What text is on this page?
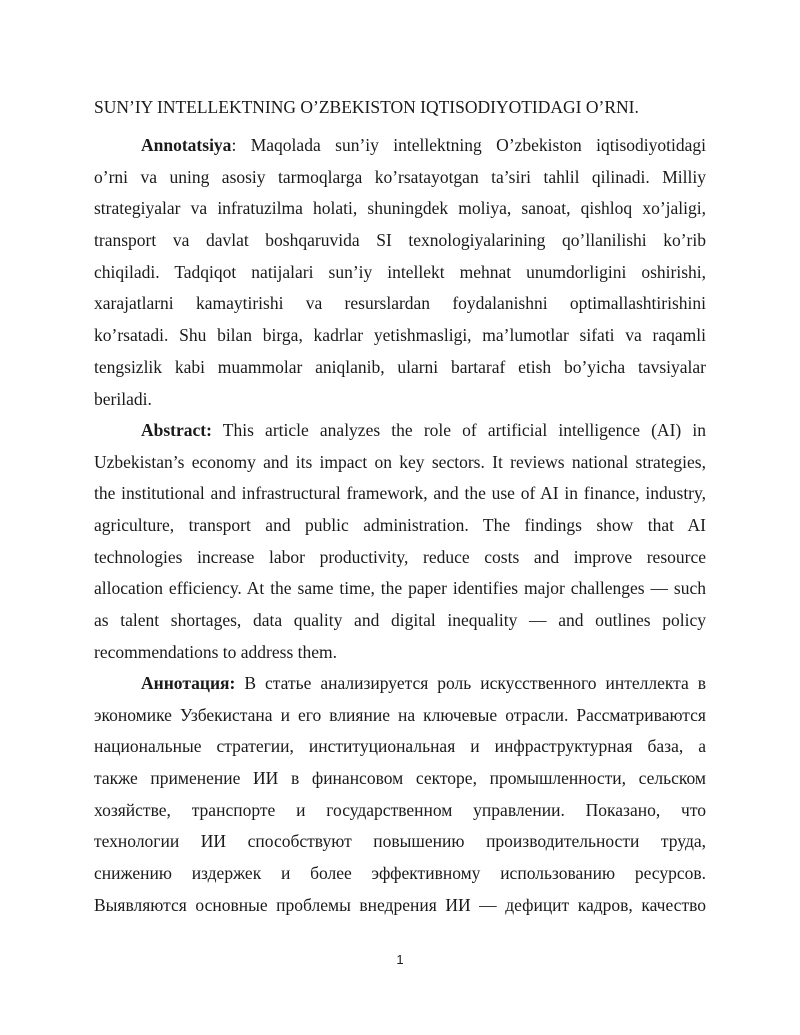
SUN’IY INTELLEKTNING O’ZBEKISTON IQTISODIYOTIDAGI O’RNI.
Annotatsiya: Maqolada sun’iy intellektning O’zbekiston iqtisodiyotidagi
o’rni va uning asosiy tarmoqlarga ko’rsatayotgan ta’siri tahlil qilinadi. Milliy
strategiyalar va infratuzilma holati, shuningdek moliya, sanoat, qishloq xo’jaligi,
transport va davlat boshqaruvida SI texnologiyalarining qo’llanilishi ko’rib
chiqiladi. Tadqiqot natijalari sun’iy intellekt mehnat unumdorligini oshirishi,
xarajatlarni kamaytirishi va resurslardan foydalanishni optimallashtirishini
ko’rsatadi. Shu bilan birga, kadrlar yetishmasligi, ma’lumotlar sifati va raqamli
tengsizlik kabi muammolar aniqlanib, ularni bartaraf etish bo’yicha tavsiyalar
beriladi.
Abstract: This article analyzes the role of artificial intelligence (AI) in
Uzbekistan’s economy and its impact on key sectors. It reviews national strategies,
the institutional and infrastructural framework, and the use of AI in finance, industry,
agriculture, transport and public administration. The findings show that AI
technologies increase labor productivity, reduce costs and improve resource
allocation efficiency. At the same time, the paper identifies major challenges — such
as talent shortages, data quality and digital inequality — and outlines policy
recommendations to address them.
Аннотация: В статье анализируется роль искусственного интеллекта в
экономике Узбекистана и его влияние на ключевые отрасли. Рассматриваются
национальные стратегии, институциональная и инфраструктурная база, а
также применение ИИ в финансовом секторе, промышленности, сельском
хозяйстве, транспорте и государственном управлении. Показано, что
технологии ИИ способствуют повышению производительности труда,
снижению издержек и более эффективному использованию ресурсов.
Выявляются основные проблемы внедрения ИИ — дефицит кадров, качество
1
